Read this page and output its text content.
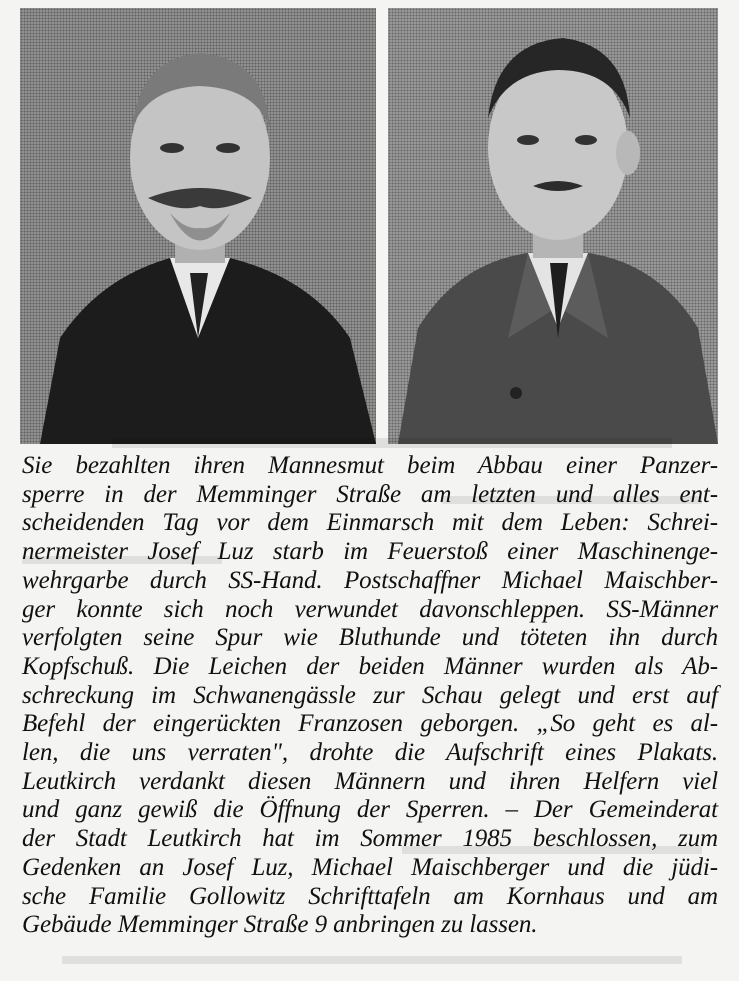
Sie bezahlten ihren Mannesmut beim Abbau einer Panzer-
sperre in der Memminger Straße am letzten und alles ent-
scheidenden Tag vor dem Einmarsch mit dem Leben: Schrei-
nermeister Josef Luz starb im Feuerstoß einer Maschinenge-
wehrgarbe durch SS-Hand. Postschaffner Michael Maischber-
ger konnte sich noch verwundet davonschleppen. SS-Männer
verfolgten seine Spur wie Bluthunde und töteten ihn durch
Kopfschuß. Die Leichen der beiden Männer wurden als Ab-
schreckung im Schwanengässle zur Schau gelegt und erst auf
Befehl der eingerückten Franzosen geborgen. „So geht es al-
len, die uns verraten", drohte die Aufschrift eines Plakats.
Leutkirch verdankt diesen Männern und ihren Helfern viel
und ganz gewiß die Öffnung der Sperren. – Der Gemeinderat
der Stadt Leutkirch hat im Sommer 1985 beschlossen, zum
Gedenken an Josef Luz, Michael Maischberger und die jüdi-
sche Familie Gollowitz Schrifttafeln am Kornhaus und am
Gebäude Memminger Straße 9 anbringen zu lassen.
